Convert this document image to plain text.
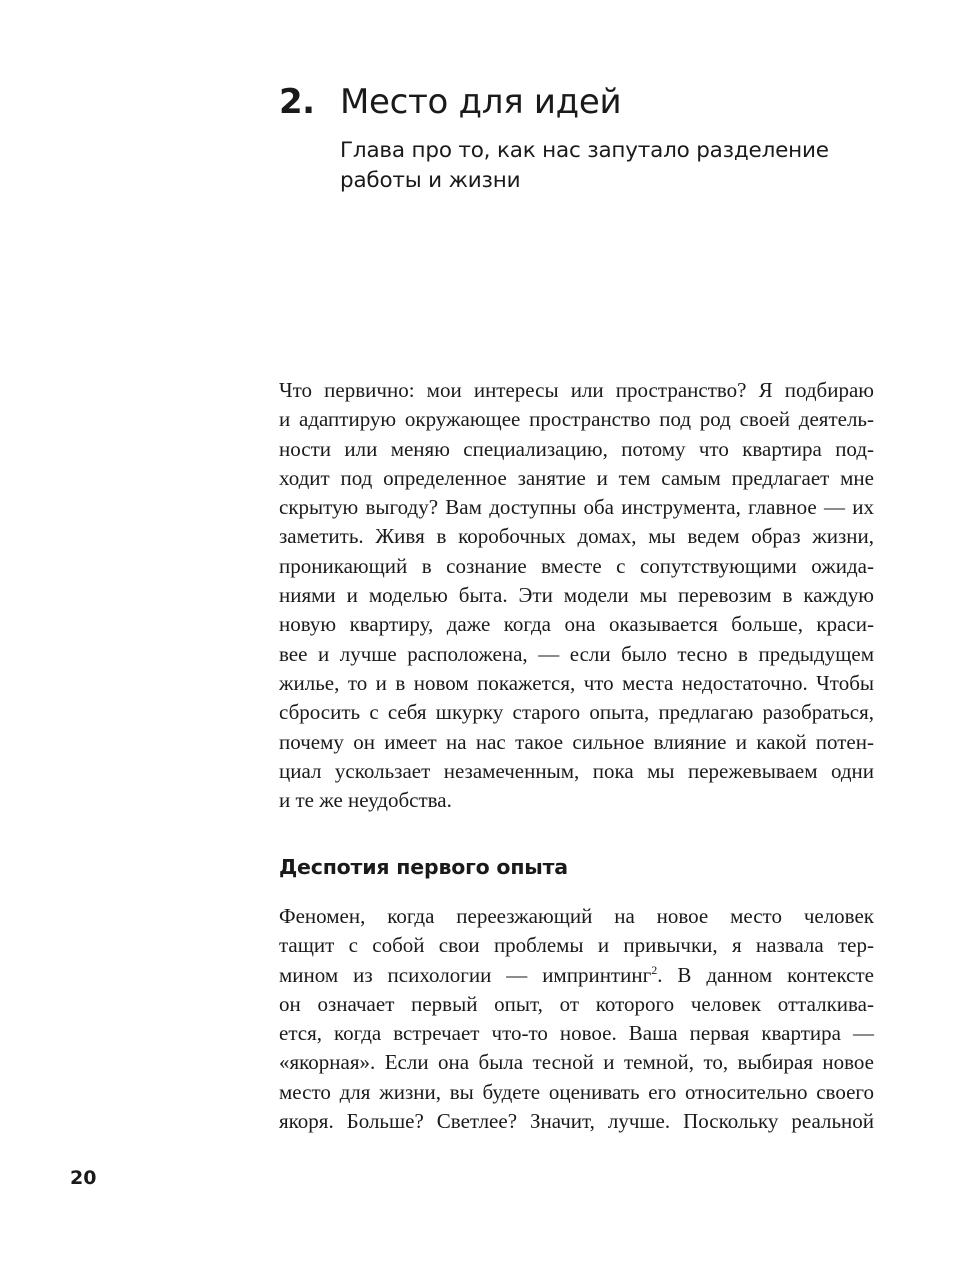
2. Место для идей
Глава про то, как нас запутало разделение
работы и жизни
Что первично: мои интересы или пространство? Я подбираю
и адаптирую окружающее пространство под род своей деятель-
ности или меняю специализацию, потому что квартира под-
ходит под определенное занятие и тем самым предлагает мне
скрытую выгоду? Вам доступны оба инструмента, главное — их
заметить. Живя в коробочных домах, мы ведем образ жизни,
проникающий в сознание вместе с сопутствующими ожида-
ниями и моделью быта. Эти модели мы перевозим в каждую
новую квартиру, даже когда она оказывается больше, краси-
вее и лучше расположена, — если было тесно в предыдущем
жилье, то и в новом покажется, что места недостаточно. Чтобы
сбросить с себя шкурку старого опыта, предлагаю разобраться,
почему он имеет на нас такое сильное влияние и какой потен-
циал ускользает незамеченным, пока мы пережевываем одни
и те же неудобства.
Деспотия первого опыта
Феномен, когда переезжающий на новое место человек
тащит с собой свои проблемы и привычки, я назвала тер-
мином из психологии — импринтинг$^2$. В данном контексте
он означает первый опыт, от которого человек отталкива-
ется, когда встречает что-то новое. Ваша первая квартира —
«якорная». Если она была тесной и темной, то, выбирая новое
место для жизни, вы будете оценивать его относительно своего
якоря. Больше? Светлее? Значит, лучше. Поскольку реальной
20
